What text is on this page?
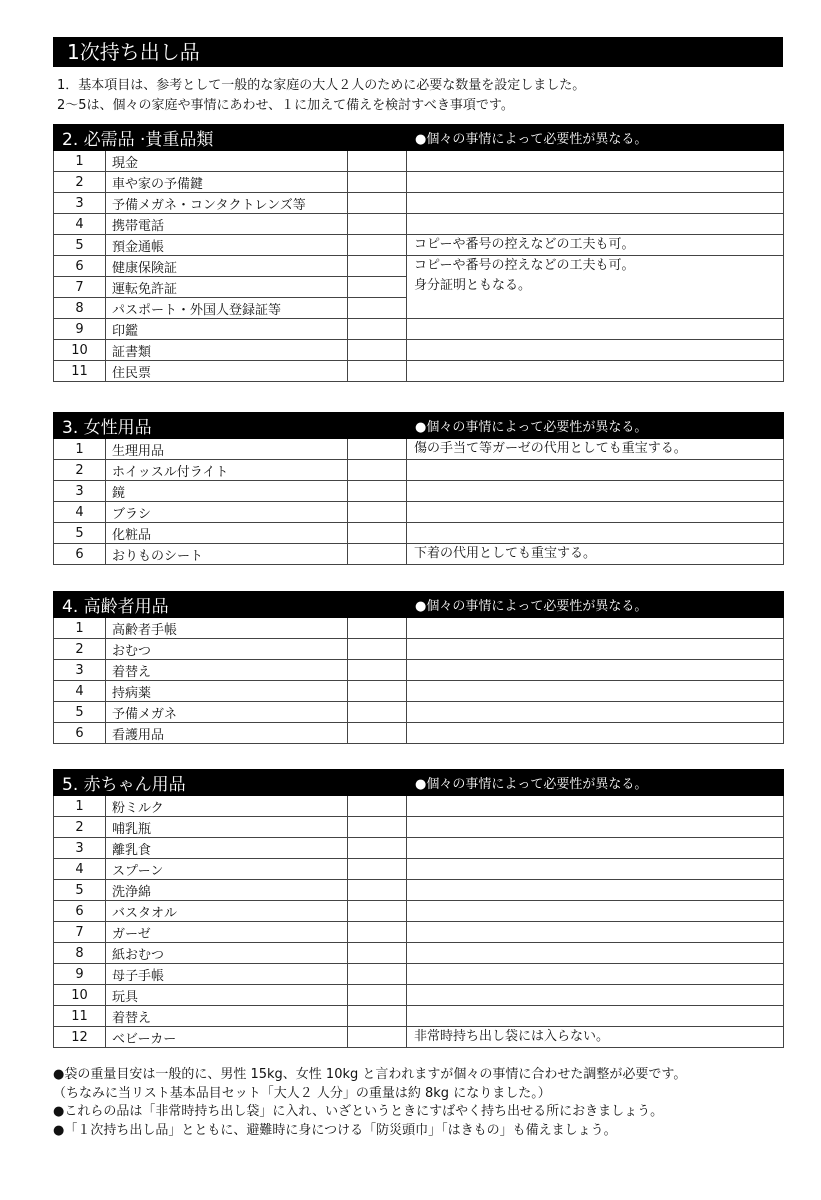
1次持ち出し品
1．基本項目は、参考として一般的な家庭の大人２人のために必要な数量を設定しました。
2～5は、個々の家庭や事情にあわせ、１に加えて備えを検討すべき事項です。
2. 必需品 ·貴重品類			●個々の事情によって必要性が異なる。
1	現金		
2	車や家の予備鍵		
3	予備メガネ・コンタクトレンズ等		
4	携帯電話		
5	預金通帳		コピーや番号の控えなどの工夫も可。

6	健康保険証		コピーや番号の控えなどの工夫も可。
身分証明ともなる。

7	運転免許証		
8	パスポート・外国人登録証等		
9	印鑑		
10	証書類		
11	住民票		
3. 女性用品			●個々の事情によって必要性が異なる。
1	生理用品		傷の手当て等ガーゼの代用としても重宝する。

2	ホイッスル付ライト		
3	鏡		
4	ブラシ		
5	化粧品		
6	おりものシート		下着の代用としても重宝する。
4. 高齢者用品			●個々の事情によって必要性が異なる。
1	高齢者手帳		
2	おむつ		
3	着替え		
4	持病薬		
5	予備メガネ		
6	看護用品		
5. 赤ちゃん用品			●個々の事情によって必要性が異なる。
1	粉ミルク		
2	哺乳瓶		
3	離乳食		
4	スプーン		
5	洗浄綿		
6	バスタオル		
7	ガーゼ		
8	紙おむつ		
9	母子手帳		
10	玩具		
11	着替え		
12	ベビーカー		非常時持ち出し袋には入らない。
●袋の重量目安は一般的に、男性 15kg、女性 10kg と言われますが個々の事情に合わせた調整が必要です。
（ちなみに当リスト基本品目セット「大人２ 人分」の重量は約 8kg になりました。）
●これらの品は「非常時持ち出し袋」に入れ、いざというときにすばやく持ち出せる所におきましょう。
●「１次持ち出し品」とともに、避難時に身につける「防災頭巾」「はきもの」も備えましょう。
